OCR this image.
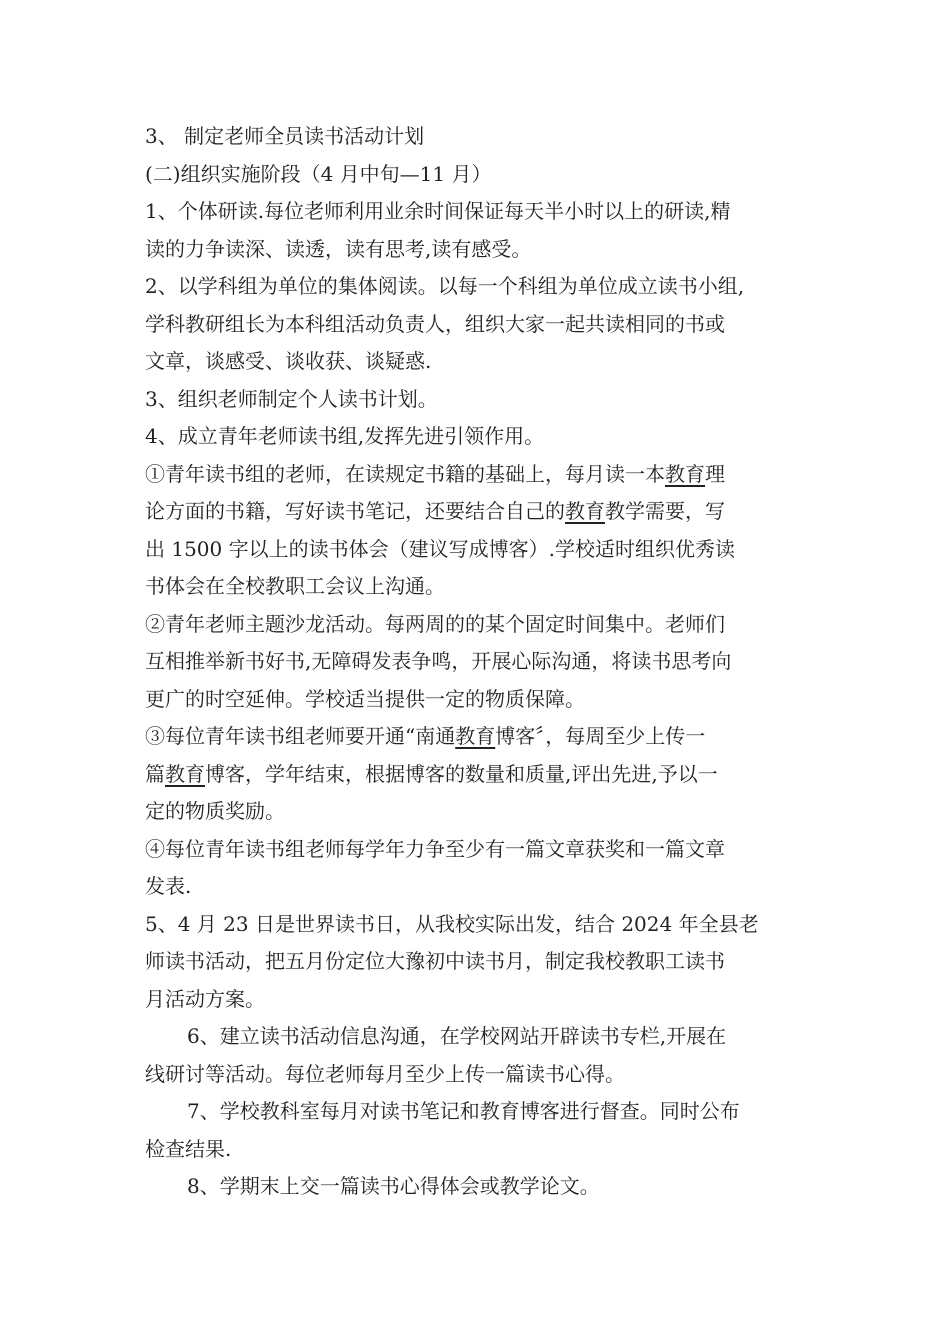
3、 制定老师全员读书活动计划
(二)组织实施阶段（4 月中旬—11 月）
1、个体研读.每位老师利用业余时间保证每天半小时以上的研读,精
读的力争读深、读透，读有思考,读有感受。
2、以学科组为单位的集体阅读。以每一个科组为单位成立读书小组,
学科教研组长为本科组活动负责人，组织大家一起共读相同的书或
文章，谈感受、谈收获、谈疑惑.
3、组织老师制定个人读书计划。
4、成立青年老师读书组,发挥先进引领作用。
①青年读书组的老师，在读规定书籍的基础上，每月读一本教育理
论方面的书籍，写好读书笔记，还要结合自己的教育教学需要，写
出 1500 字以上的读书体会（建议写成博客）.学校适时组织优秀读
书体会在全校教职工会议上沟通。
②青年老师主题沙龙活动。每两周的的某个固定时间集中。老师们
互相推举新书好书,无障碍发表争鸣，开展心际沟通，将读书思考向
更广的时空延伸。学校适当提供一定的物质保障。
③每位青年读书组老师要开通“南通教育博客〞，每周至少上传一
篇教育博客，学年结束，根据博客的数量和质量,评出先进,予以一
定的物质奖励。
④每位青年读书组老师每学年力争至少有一篇文章获奖和一篇文章
发表.
5、4 月 23 日是世界读书日，从我校实际出发，结合 2024 年全县老
师读书活动，把五月份定位大豫初中读书月，制定我校教职工读书
月活动方案。
6、建立读书活动信息沟通，在学校网站开辟读书专栏,开展在
线研讨等活动。每位老师每月至少上传一篇读书心得。
7、学校教科室每月对读书笔记和教育博客进行督查。同时公布
检查结果.
8、学期末上交一篇读书心得体会或教学论文。
